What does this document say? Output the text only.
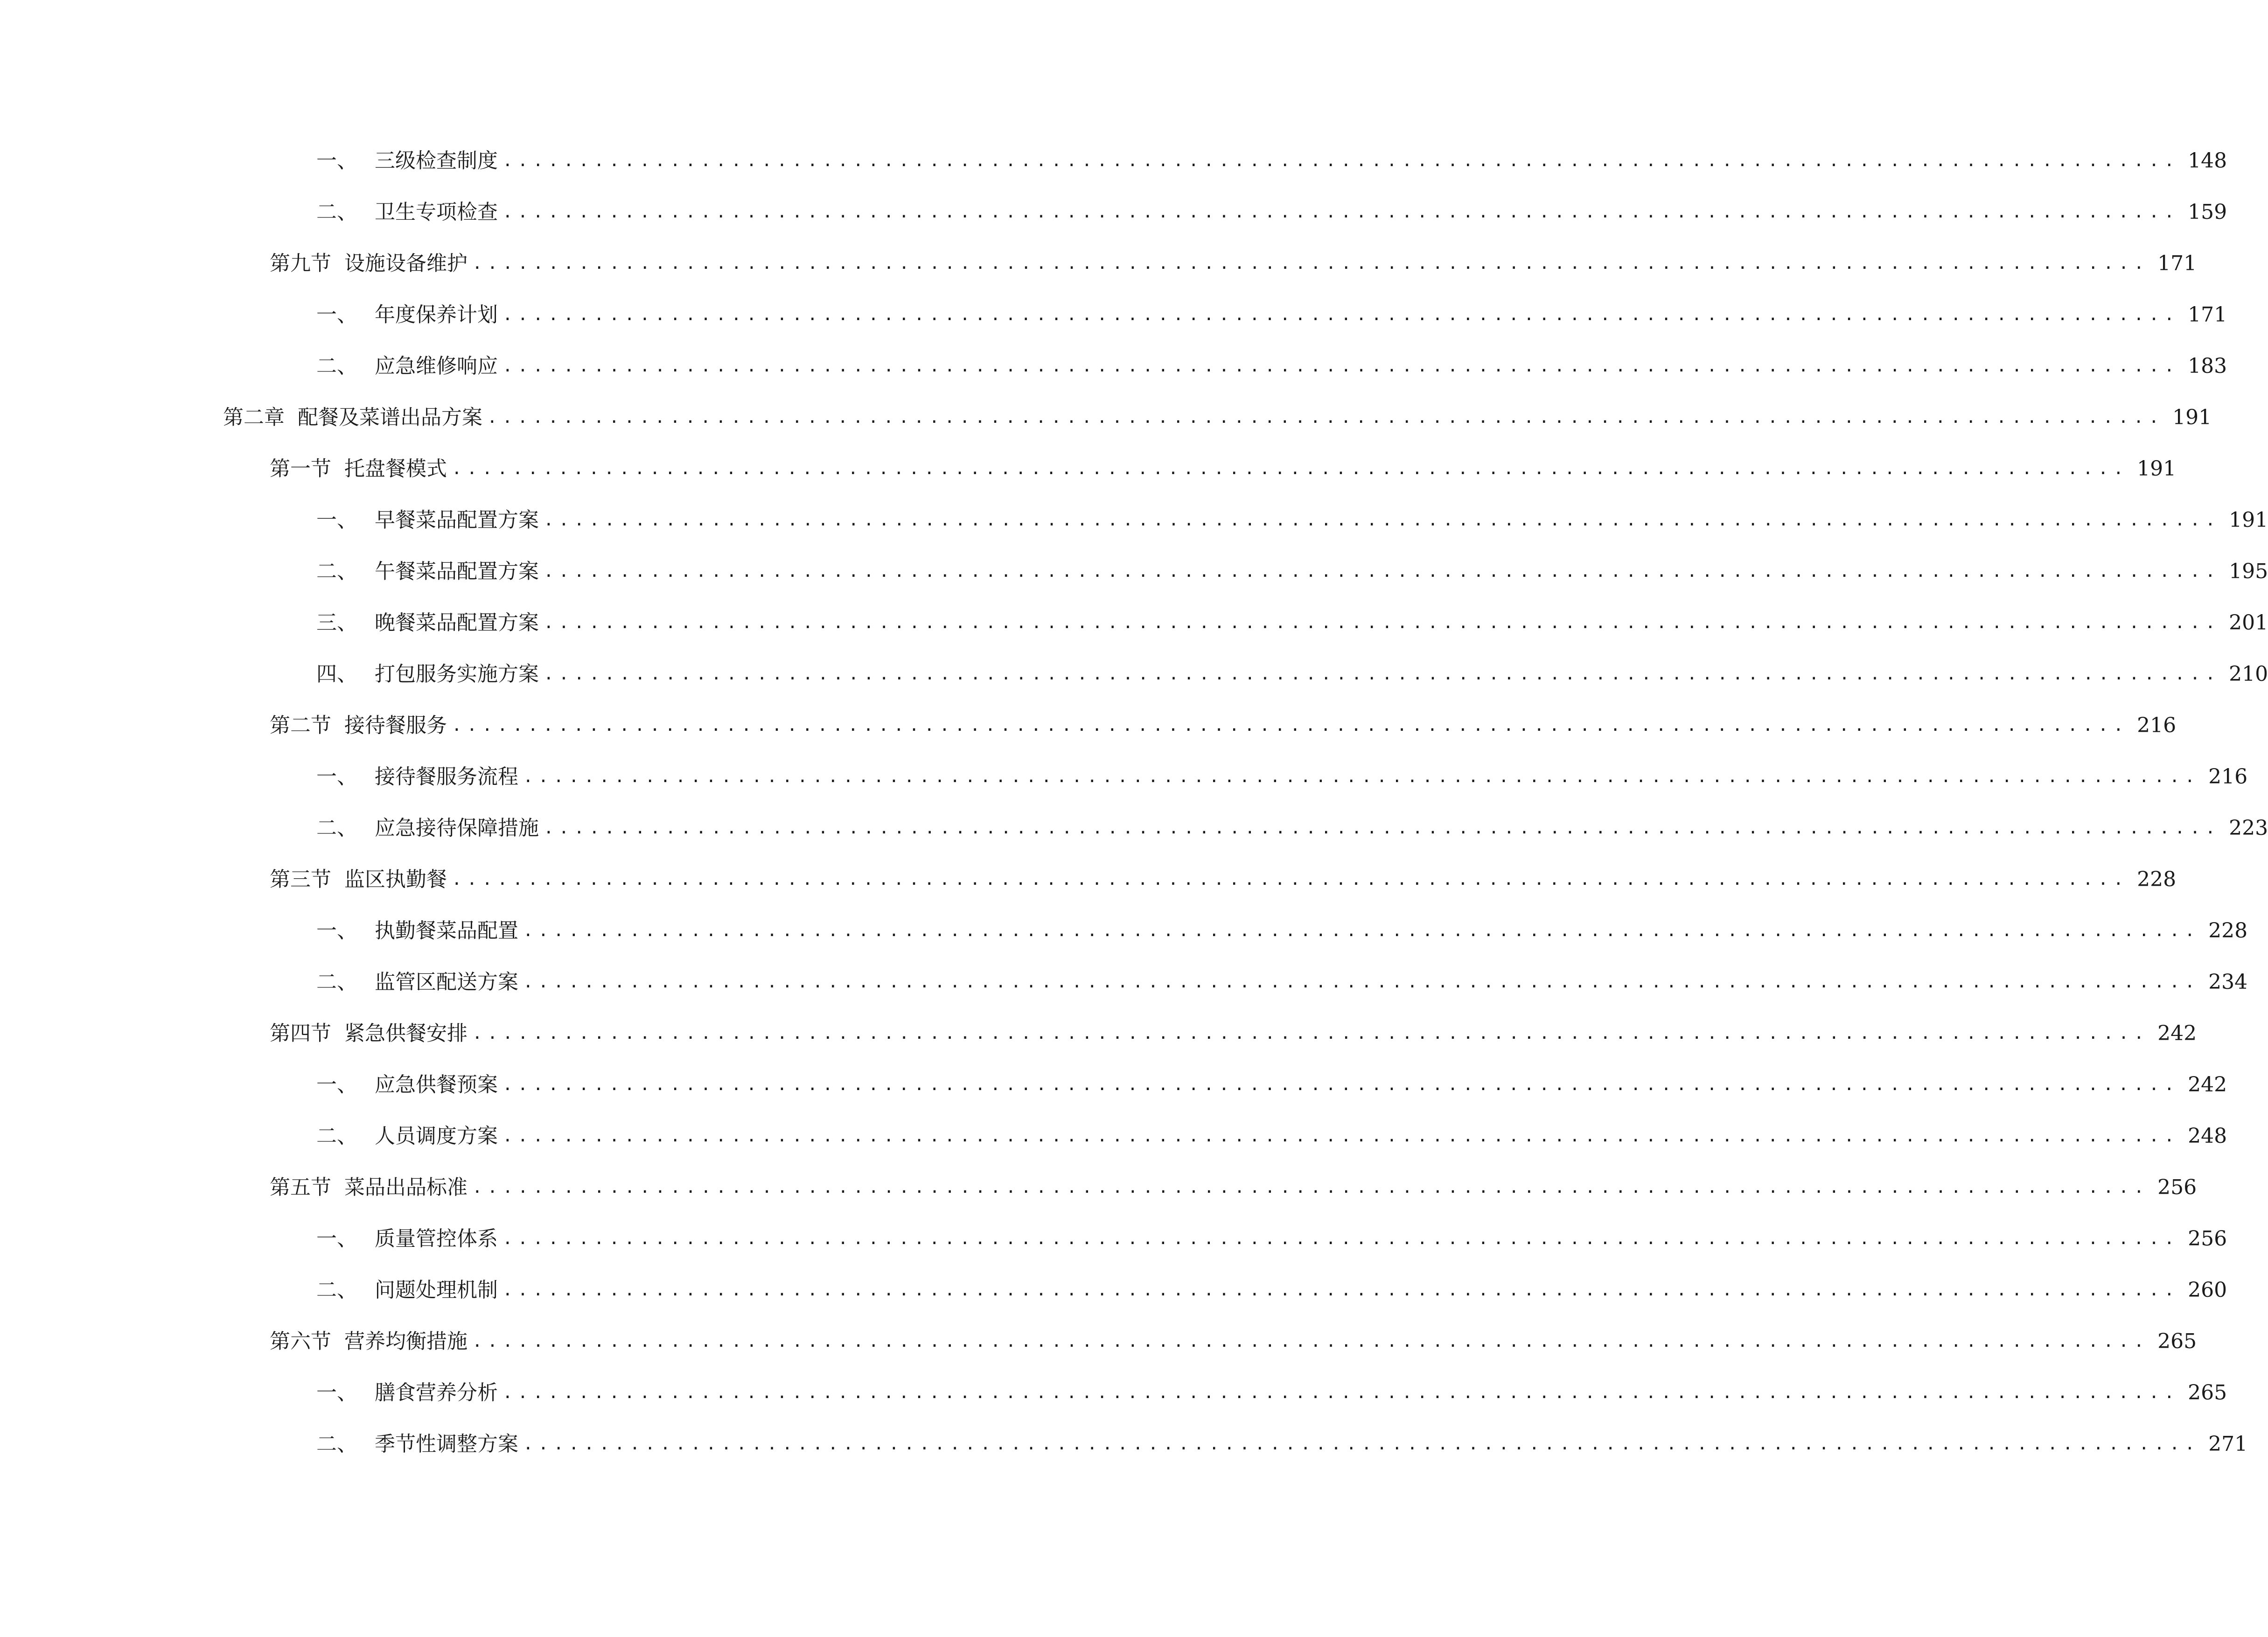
一、 三级检查制度 .............................................................................................................. 148
二、 卫生专项检查 .............................................................................................................. 159
第九节 设施设备维护 .............................................................................................................. 171
一、 年度保养计划 .............................................................................................................. 171
二、 应急维修响应 .............................................................................................................. 183
第二章 配餐及菜谱出品方案 .............................................................................................................. 191
第一节 托盘餐模式 .............................................................................................................. 191
一、 早餐菜品配置方案 .............................................................................................................. 191
二、 午餐菜品配置方案 .............................................................................................................. 195
三、 晚餐菜品配置方案 .............................................................................................................. 201
四、 打包服务实施方案 .............................................................................................................. 210
第二节 接待餐服务 .............................................................................................................. 216
一、 接待餐服务流程 .............................................................................................................. 216
二、 应急接待保障措施 .............................................................................................................. 223
第三节 监区执勤餐 .............................................................................................................. 228
一、 执勤餐菜品配置 .............................................................................................................. 228
二、 监管区配送方案 .............................................................................................................. 234
第四节 紧急供餐安排 .............................................................................................................. 242
一、 应急供餐预案 .............................................................................................................. 242
二、 人员调度方案 .............................................................................................................. 248
第五节 菜品出品标准 .............................................................................................................. 256
一、 质量管控体系 .............................................................................................................. 256
二、 问题处理机制 .............................................................................................................. 260
第六节 营养均衡措施 .............................................................................................................. 265
一、 膳食营养分析 .............................................................................................................. 265
二、 季节性调整方案 .............................................................................................................. 271
